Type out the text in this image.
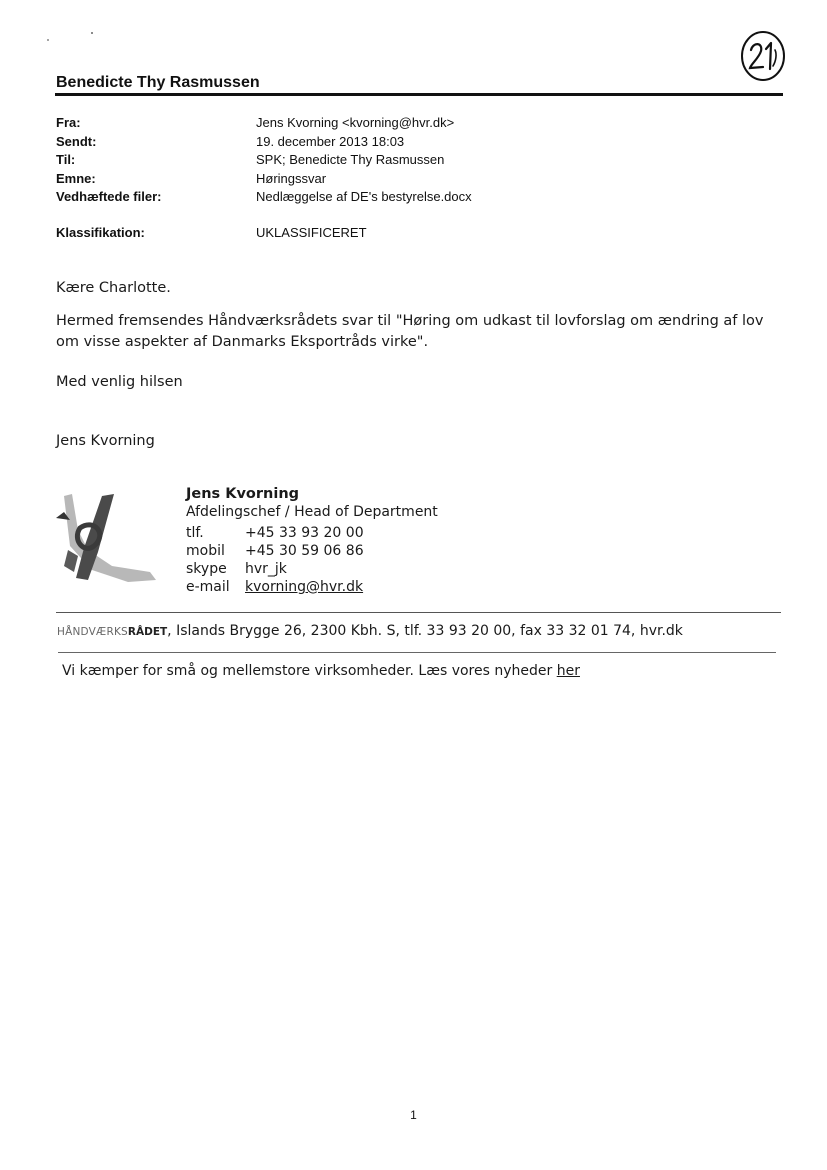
Benedicte Thy Rasmussen
Fra:	Jens Kvorning <kvorning@hvr.dk>
Sendt:	19. december 2013 18:03
Til:	SPK; Benedicte Thy Rasmussen
Emne:	Høringssvar
Vedhæftede filer:	Nedlæggelse af DE's bestyrelse.docx
Klassifikation:	UKLASSIFICERET
Kære Charlotte.
Hermed fremsendes Håndværksrådets svar til "Høring om udkast til lovforslag om ændring af lov om visse aspekter af Danmarks Eksportråds virke".
Med venlig hilsen
Jens Kvorning
Jens Kvorning
Afdelingschef / Head of Department
tlf.	+45 33 93 20 00
mobil	+45 30 59 06 86
skype	hvr_jk
e-mail	kvorning@hvr.dk
HÅNDVÆRKSRÅDET, Islands Brygge 26, 2300 Kbh. S, tlf. 33 93 20 00, fax 33 32 01 74, hvr.dk
Vi kæmper for små og mellemstore virksomheder. Læs vores nyheder her
1
